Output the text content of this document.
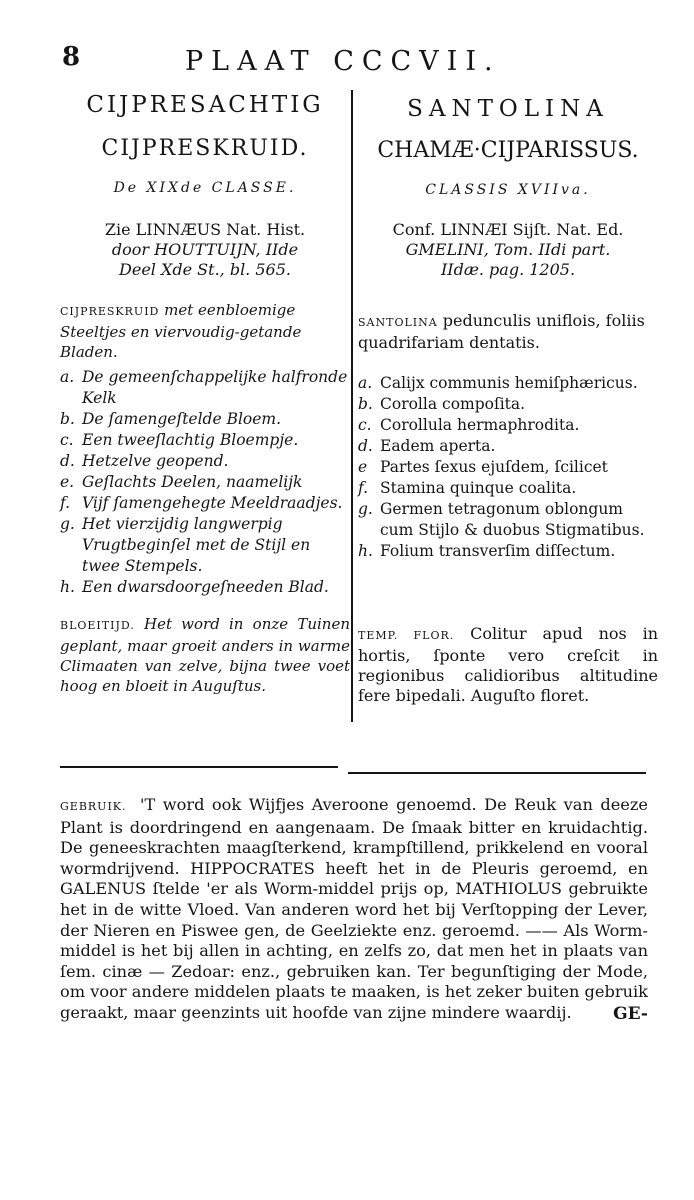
8	PLAAT CCCVII.
CIJPRESACHTIG
CIJPRESKRUID.
De XIXde CLASSE.
Zie LINNÆUS Nat. Hist.
door HOUTTUIJN, IIde
Deel Xde St., bl. 565.
CIJPRESKRUID met eenbloemige Steeltjes en viervoudig-getande Bladen.
a. De gemeenſchappelijke halfronde Kelk
b. De ſamengeſtelde Bloem.
c. Een tweeſlachtig Bloempje.
d. Hetzelve geopend.
e. Geſlachts Deelen, naamelijk
f. Vijf ſamengehegte Meeldraadjes.
g. Het vierzijdig langwerpig Vrugtbeginſel met de Stijl en twee Stempels.
h. Een dwarsdoorgeſneeden Blad.
BLOEITIJD. Het word in onze Tuinen geplant, maar groeit anders in warme Climaaten van zelve, bijna twee voet hoog en bloeit in Auguſtus.
SANTOLINA
CHAMÆ·CIJPARISSUS.
CLASSIS XVIIva.
Conf. LINNÆI Sijſt. Nat. Ed.
GMELINI, Tom. IIdi part.
IIdæ. pag. 1205.
SANTOLINA pedunculis uniflois, foliis quadrifariam dentatis.
a. Calijx communis hemiſphæricus.
b. Corolla compoſita.
c. Corollula hermaphrodita.
d. Eadem aperta.
e Partes ſexus ejuſdem, ſcilicet
f. Stamina quinque coalita.
g. Germen tetragonum oblongum cum Stijlo & duobus Stigmatibus.
h. Folium transverſim diſſectum.
TEMP. FLOR. Colitur apud nos in hortis, ſponte vero creſcit in regionibus calidioribus altitudine fere bipedali. Auguſto floret.
GEBRUIK. 'T word ook Wijfjes Averoone genoemd. De Reuk van deeze Plant is doordringend en aangenaam. De ſmaak bitter en kruidachtig. De geneeskrachten maagſterkend, krampſtillend, prikkelend en vooral wormdrijvend. HIPPOCRATES heeft het in de Pleuris geroemd, en GALENUS ſtelde 'er als Worm-middel prijs op, MATHIOLUS gebruikte het in de witte Vloed. Van anderen word het bij Verſtopping der Lever, der Nieren en Piswee gen, de Geelziekte enz. geroemd. —— Als Worm-middel is het bij allen in achting, en zelfs zo, dat men het in plaats van ſem. cinæ — Zedoar: enz., gebruiken kan. Ter begunſtiging der Mode, om voor andere middelen plaats te maaken, is het zeker buiten gebruik geraakt, maar geenzints uit hoofde van zijne mindere waardij.	GE-
